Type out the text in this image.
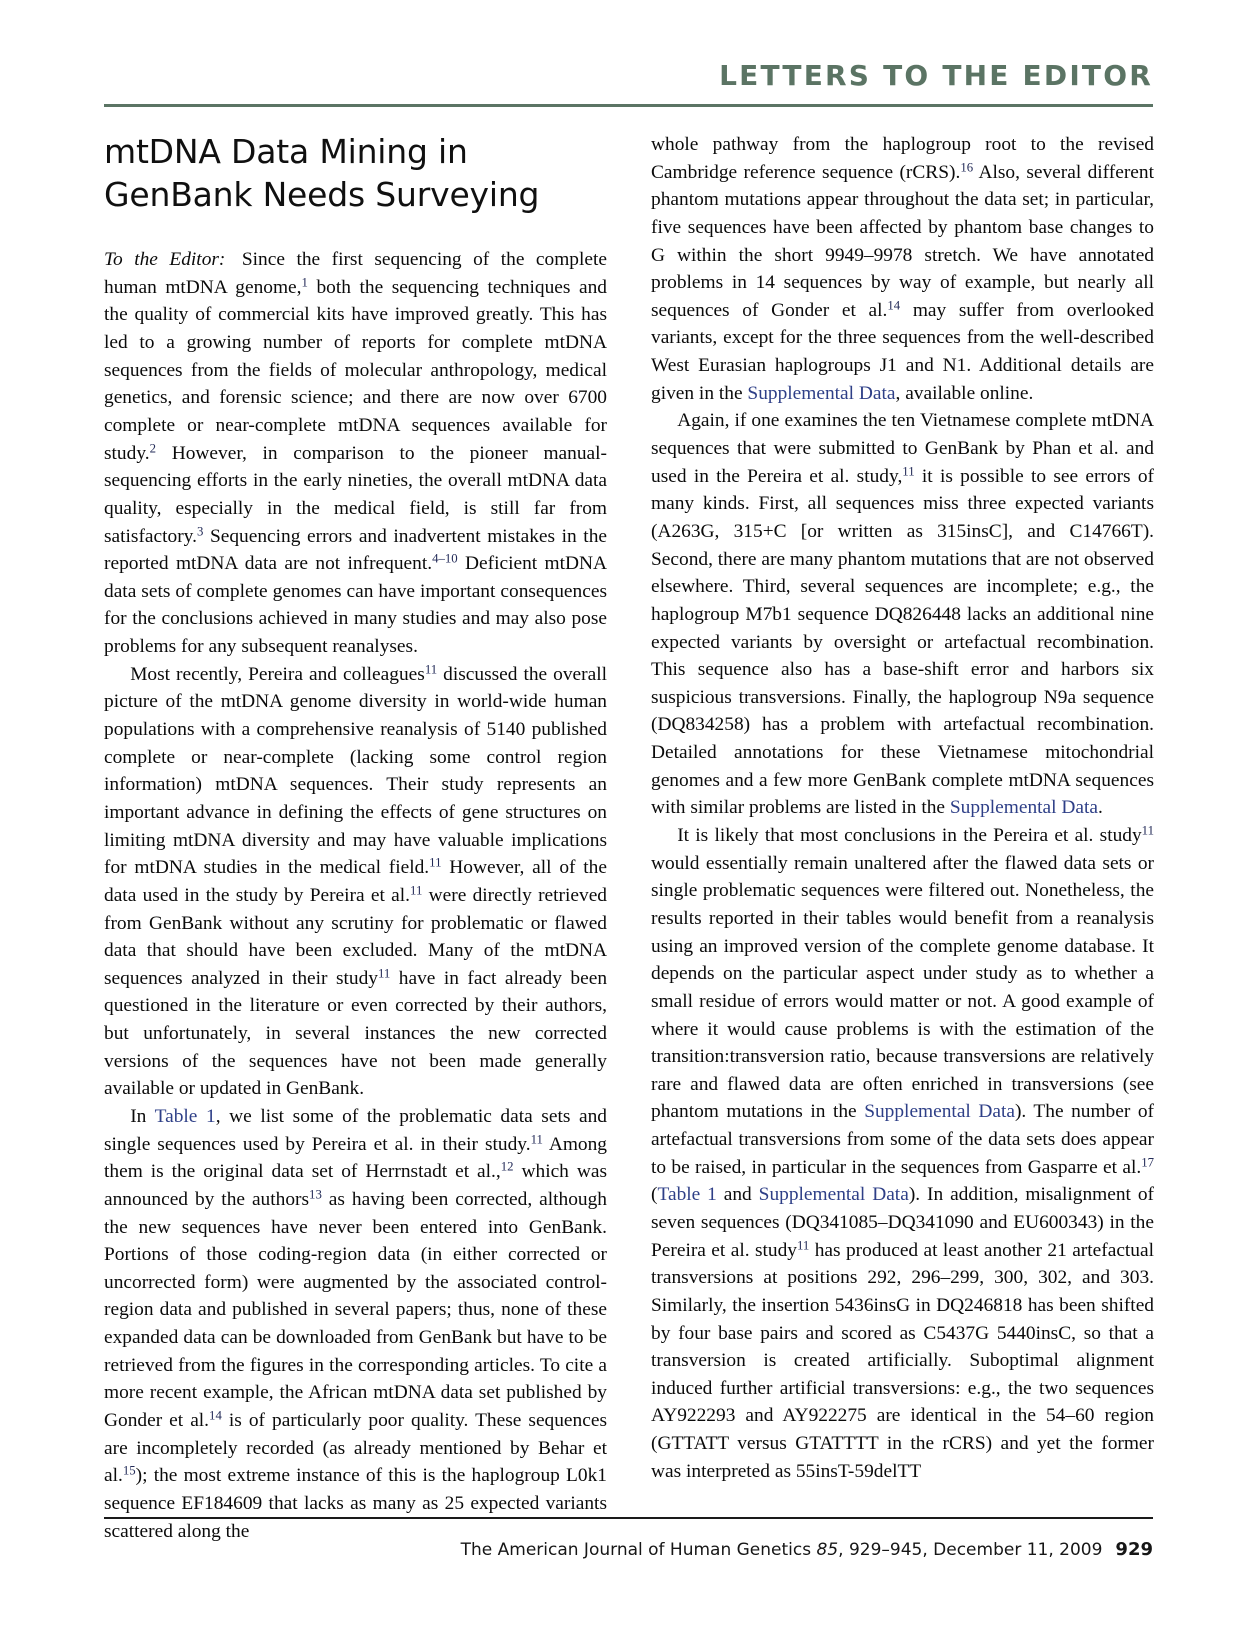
LETTERS TO THE EDITOR
mtDNA Data Mining in GenBank Needs Surveying

To the Editor: Since the first sequencing of the complete human mtDNA genome,$^1$ both the sequencing techniques and the quality of commercial kits have improved greatly. This has led to a growing number of reports for complete mtDNA sequences from the fields of molecular anthropology, medical genetics, and forensic science; and there are now over 6700 complete or near-complete mtDNA sequences available for study.$^2$ However, in comparison to the pioneer manual-sequencing efforts in the early nineties, the overall mtDNA data quality, especially in the medical field, is still far from satisfactory.$^3$ Sequencing errors and inadvertent mistakes in the reported mtDNA data are not infrequent.$^{4-10}$ Deficient mtDNA data sets of complete genomes can have important consequences for the conclusions achieved in many studies and may also pose problems for any subsequent reanalyses.

Most recently, Pereira and colleagues$^{11}$ discussed the overall picture of the mtDNA genome diversity in world-wide human populations with a comprehensive reanalysis of 5140 published complete or near-complete (lacking some control region information) mtDNA sequences. Their study represents an important advance in defining the effects of gene structures on limiting mtDNA diversity and may have valuable implications for mtDNA studies in the medical field.$^{11}$ However, all of the data used in the study by Pereira et al.$^{11}$ were directly retrieved from GenBank without any scrutiny for problematic or flawed data that should have been excluded. Many of the mtDNA sequences analyzed in their study$^{11}$ have in fact already been questioned in the literature or even corrected by their authors, but unfortunately, in several instances the new corrected versions of the sequences have not been made generally available or updated in GenBank.

In Table 1, we list some of the problematic data sets and single sequences used by Pereira et al. in their study.$^{11}$ Among them is the original data set of Herrnstadt et al.,$^{12}$ which was announced by the authors$^{13}$ as having been corrected, although the new sequences have never been entered into GenBank. Portions of those coding-region data (in either corrected or uncorrected form) were augmented by the associated control-region data and published in several papers; thus, none of these expanded data can be downloaded from GenBank but have to be retrieved from the figures in the corresponding articles. To cite a more recent example, the African mtDNA data set published by Gonder et al.$^{14}$ is of particularly poor quality. These sequences are incompletely recorded (as already mentioned by Behar et al.$^{15}$); the most extreme instance of this is the haplogroup L0k1 sequence EF184609 that lacks as many as 25 expected variants scattered along the

whole pathway from the haplogroup root to the revised Cambridge reference sequence (rCRS).$^{16}$ Also, several different phantom mutations appear throughout the data set; in particular, five sequences have been affected by phantom base changes to G within the short 9949–9978 stretch. We have annotated problems in 14 sequences by way of example, but nearly all sequences of Gonder et al.$^{14}$ may suffer from overlooked variants, except for the three sequences from the well-described West Eurasian haplogroups J1 and N1. Additional details are given in the Supplemental Data, available online.

Again, if one examines the ten Vietnamese complete mtDNA sequences that were submitted to GenBank by Phan et al. and used in the Pereira et al. study,$^{11}$ it is possible to see errors of many kinds. First, all sequences miss three expected variants (A263G, 315+C [or written as 315insC], and C14766T). Second, there are many phantom mutations that are not observed elsewhere. Third, several sequences are incomplete; e.g., the haplogroup M7b1 sequence DQ826448 lacks an additional nine expected variants by oversight or artefactual recombination. This sequence also has a base-shift error and harbors six suspicious transversions. Finally, the haplogroup N9a sequence (DQ834258) has a problem with artefactual recombination. Detailed annotations for these Vietnamese mitochondrial genomes and a few more GenBank complete mtDNA sequences with similar problems are listed in the Supplemental Data.

It is likely that most conclusions in the Pereira et al. study$^{11}$ would essentially remain unaltered after the flawed data sets or single problematic sequences were filtered out. Nonetheless, the results reported in their tables would benefit from a reanalysis using an improved version of the complete genome database. It depends on the particular aspect under study as to whether a small residue of errors would matter or not. A good example of where it would cause problems is with the estimation of the transition:transversion ratio, because transversions are relatively rare and flawed data are often enriched in transversions (see phantom mutations in the Supplemental Data). The number of artefactual transversions from some of the data sets does appear to be raised, in particular in the sequences from Gasparre et al.$^{17}$ (Table 1 and Supplemental Data). In addition, misalignment of seven sequences (DQ341085–DQ341090 and EU600343) in the Pereira et al. study$^{11}$ has produced at least another 21 artefactual transversions at positions 292, 296–299, 300, 302, and 303. Similarly, the insertion 5436insG in DQ246818 has been shifted by four base pairs and scored as C5437G 5440insC, so that a transversion is created artificially. Suboptimal alignment induced further artificial transversions: e.g., the two sequences AY922293 and AY922275 are identical in the 54–60 region (GTTATT versus GTATTTT in the rCRS) and yet the former was interpreted as 55insT-59delTT

The American Journal of Human Genetics 85, 929–945, December 11, 2009 929
